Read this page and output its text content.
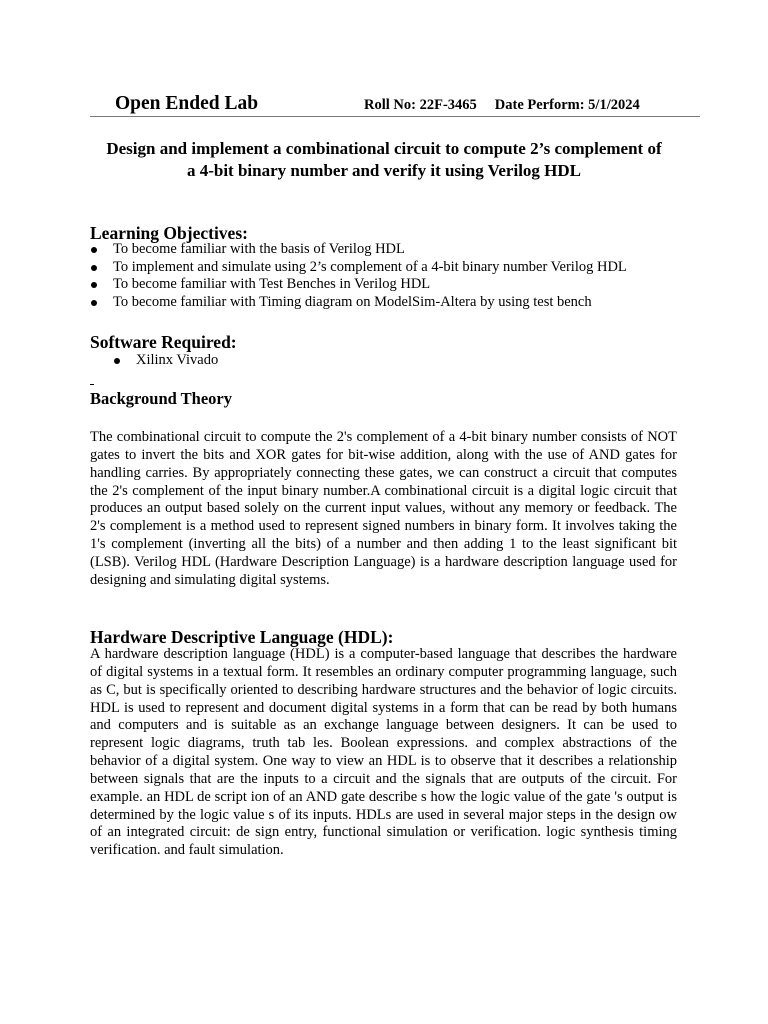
Open Ended Lab	Roll No: 22F-3465 Date Perform: 5/1/2024
Design and implement a combinational circuit to compute 2’s complement of
a 4-bit binary number and verify it using Verilog HDL
Learning Objectives:
To become familiar with the basis of Verilog HDL
To implement and simulate using 2’s complement of a 4-bit binary number Verilog HDL
To become familiar with Test Benches in Verilog HDL
To become familiar with Timing diagram on ModelSim-Altera by using test bench
Software Required:
Xilinx Vivado
Background Theory
The combinational circuit to compute the 2's complement of a 4-bit binary number consists of NOT gates to invert the bits and XOR gates for bit-wise addition, along with the use of AND gates for handling carries. By appropriately connecting these gates, we can construct a circuit that computes the 2's complement of the input binary number.A combinational circuit is a digital logic circuit that produces an output based solely on the current input values, without any memory or feedback. The 2's complement is a method used to represent signed numbers in binary form. It involves taking the 1's complement (inverting all the bits) of a number and then adding 1 to the least significant bit (LSB). Verilog HDL (Hardware Description Language) is a hardware description language used for designing and simulating digital systems.
Hardware Descriptive Language (HDL):
A hardware description language (HDL) is a computer-based language that describes the hardware of digital systems in a textual form. It resembles an ordinary computer programming language, such as C, but is specifically oriented to describing hardware structures and the behavior of logic circuits. HDL is used to represent and document digital systems in a form that can be read by both humans and computers and is suitable as an exchange language between designers. It can be used to represent logic diagrams, truth tab les. Boolean expressions. and complex abstractions of the behavior of a digital system. One way to view an HDL is to observe that it describes a relationship between signals that are the inputs to a circuit and the signals that are outputs of the circuit. For example. an HDL de script ion of an AND gate describe s how the logic value of the gate 's output is determined by the logic value s of its inputs. HDLs are used in several major steps in the design ow of an integrated circuit: de sign entry, functional simulation or verification. logic synthesis timing verification. and fault simulation.
